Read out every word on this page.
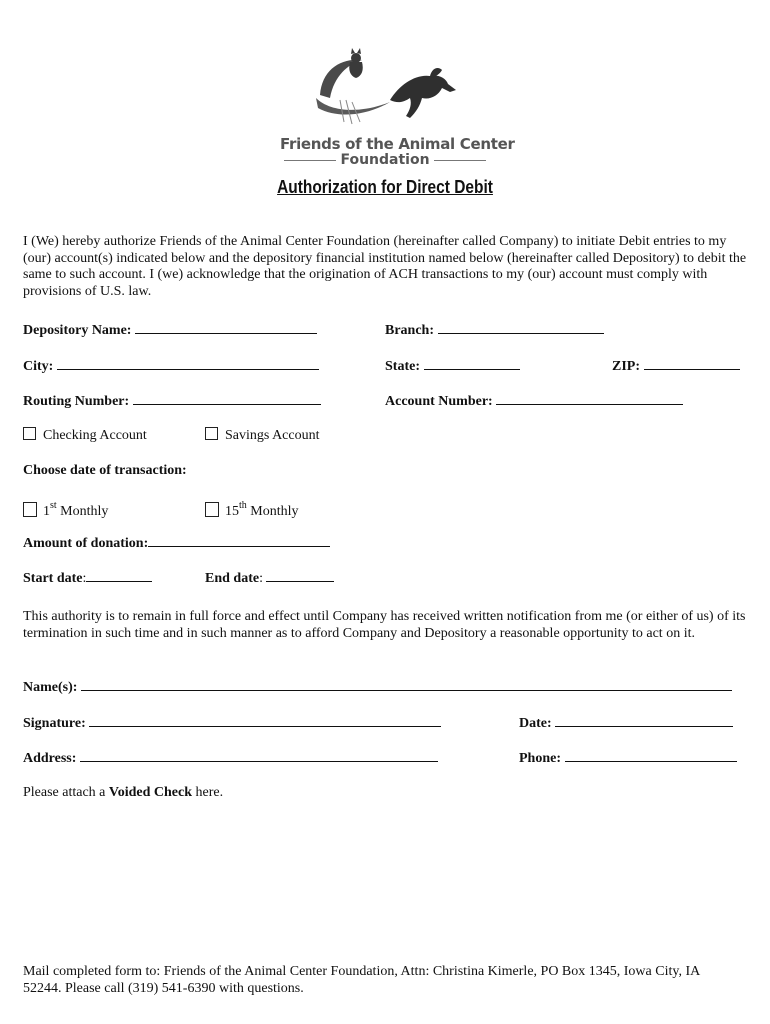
Friends of the Animal Center
Foundation
Authorization for Direct Debit
I (We) hereby authorize Friends of the Animal Center Foundation (hereinafter called Company) to initiate Debit entries to my (our) account(s) indicated below and the depository financial institution named below (hereinafter called Depository) to debit the same to such account. I (we) acknowledge that the origination of ACH transactions to my (our) account must comply with provisions of U.S. law.
Depository Name:	Branch:
City:	State:	ZIP:
Routing Number:	Account Number:
Checking Account	Savings Account
Choose date of transaction:
1st Monthly	15th Monthly
Amount of donation:
Start date:	End date:
This authority is to remain in full force and effect until Company has received written notification from me (or either of us) of its termination in such time and in such manner as to afford Company and Depository a reasonable opportunity to act on it.
Name(s):
Signature:	Date:
Address:	Phone:
Please attach a Voided Check here.
Mail completed form to: Friends of the Animal Center Foundation, Attn: Christina Kimerle, PO Box 1345, Iowa City, IA 52244. Please call (319) 541-6390 with questions.
